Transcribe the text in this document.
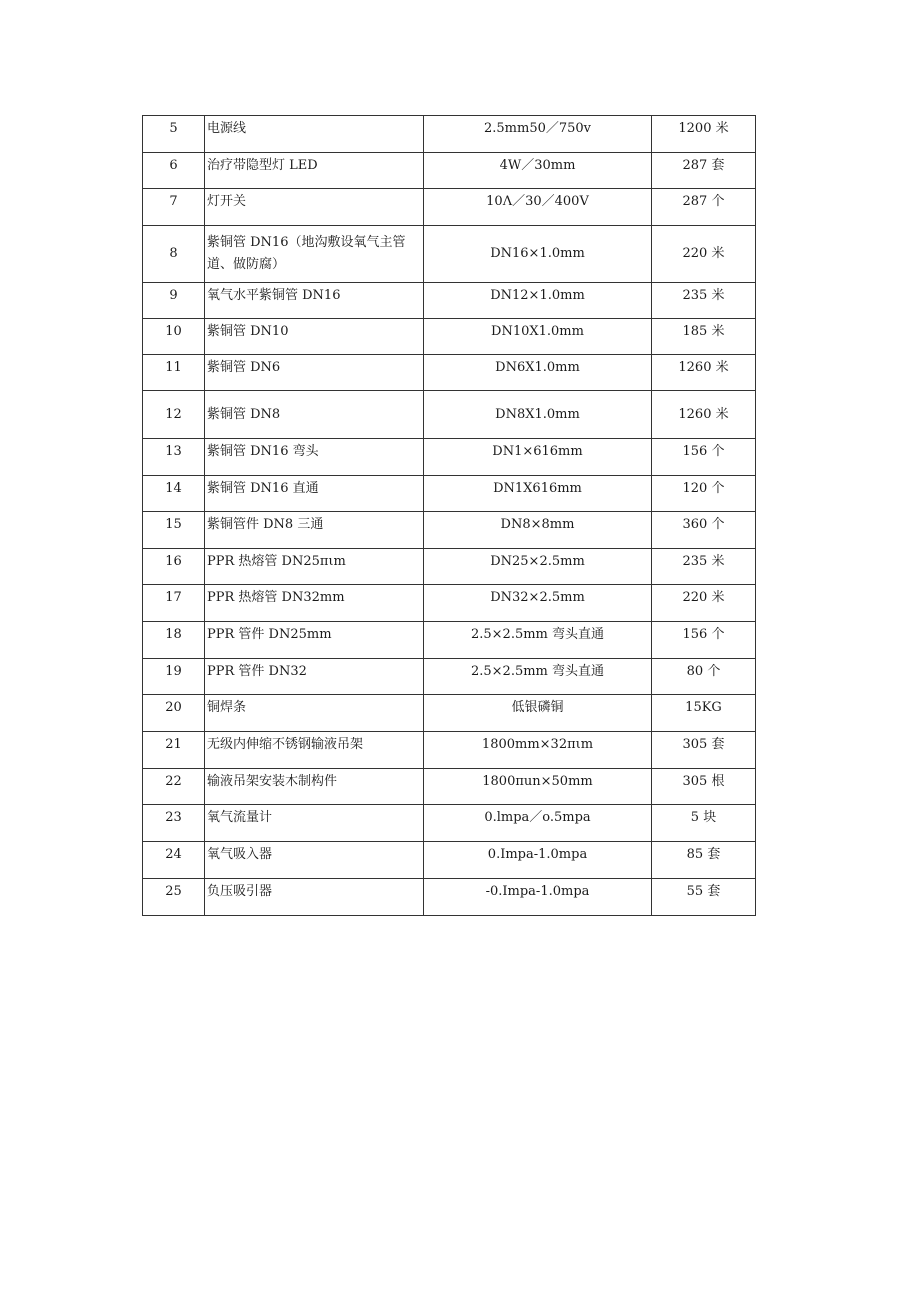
5	电源线	2.5mm50／750v	1200 米
6	治疗带隐型灯 LED	4W／30mm	287 套
7	灯开关	10Λ／30／400V	287 个
8	紫铜管 DN16（地沟敷设氧气主管道、做防腐）	DN16×1.0mm	220 米
9	氧气水平紫铜管 DN16	DN12×1.0mm	235 米
10	紫铜管 DN10	DN10X1.0mm	185 米
11	紫铜管 DN6	DN6X1.0mm	1260 米
12	紫铜管 DN8	DN8X1.0mm	1260 米
13	紫铜管 DN16 弯头	DN1×616mm	156 个
14	紫铜管 DN16 直通	DN1X616mm	120 个
15	紫铜管件 DN8 三通	DN8×8mm	360 个
16	PPR 热熔管 DN25πιm	DN25×2.5mm	235 米
17	PPR 热熔管 DN32mm	DN32×2.5mm	220 米
18	PPR 管件 DN25mm	2.5×2.5mm 弯头直通	156 个
19	PPR 管件 DN32	2.5×2.5mm 弯头直通	80 个
20	铜焊条	低银磷铜	15KG
21	无级内伸缩不锈钢输液吊架	1800mm×32πιm	305 套
22	输液吊架安装木制构件	1800πun×50mm	305 根
23	氧气流量计	0.lmpa／o.5mpa	5 块
24	氧气吸入器	0.Impa-1.0mpa	85 套
25	负压吸引器	-0.Impa-1.0mpa	55 套
